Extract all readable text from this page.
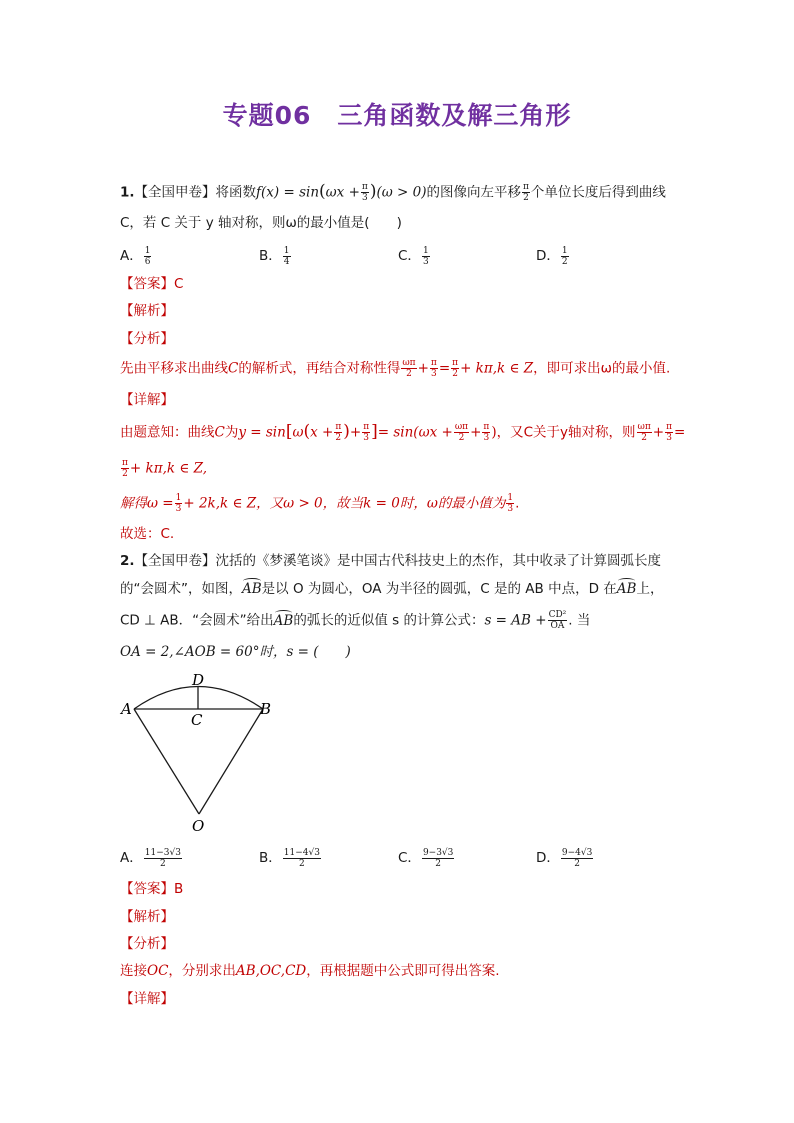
专题06　三角函数及解三角形
1.【全国甲卷】将函数$f(x) = \sin(\omega x + \frac{\pi}{3} )(\omega > 0)$的图像向左平移 $\frac{\pi}{2}$ 个单位长度后得到曲线
C，若 C 关于 y 轴对称，则ω的最小值是(　　)
A． $\frac{1}{6}$	B． $\frac{1}{4}$	C． $\frac{1}{3}$	D． $\frac{1}{2}$
【答案】C
【解析】
【分析】
先由平移求出曲线C的解析式，再结合对称性得 $\frac{\omega\pi}{2} + \frac{\pi}{3} = \frac{\pi}{2} + k\pi,k$ ∈ Z，即可求出ω的最小值.
【详解】
由题意知：曲线C为$y = \sin[\omega(x + \frac{\pi}{2}$ )+ $\frac{\pi}{3}$ ]= $\sin(\omega x + \frac{\omega\pi}{2} + \frac{\pi}{3}$ )，又C关于y轴对称，则 $\frac{\omega\pi}{2} + \frac{\pi}{3}$ =
$\frac{\pi}{2} + k\pi,k$ ∈ Z,
解得$\omega = \frac{1}{3} + 2k,k$ ∈ Z，又ω > 0，故当k = 0时，ω的最小值为 $\frac{1}{3}$ .
故选：C.
2.【全国甲卷】沈括的《梦溪笔谈》是中国古代科技史上的杰作，其中收录了计算圆弧长度
的“会圆术”，如图，AB是以 O 为圆心，OA 为半径的圆弧，C 是的 AB 中点，D 在AB上，
CD ⊥ AB．“会圆术”给出AB的弧长的近似值 s 的计算公式：s = AB + $\frac{\text{CD²}}{OA}$ . 当
OA = 2,∠AOB = 60°时，s = (　　)
A	B
C
D
O
A． $\frac{11-3√3}{2}$	B． $\frac{11-4√3}{2}$	C． $\frac{9-3√3}{2}$	D． $\frac{9-4√3}{2}$
【答案】B
【解析】
【分析】
连接OC，分别求出AB,OC,CD，再根据题中公式即可得出答案.
【详解】
